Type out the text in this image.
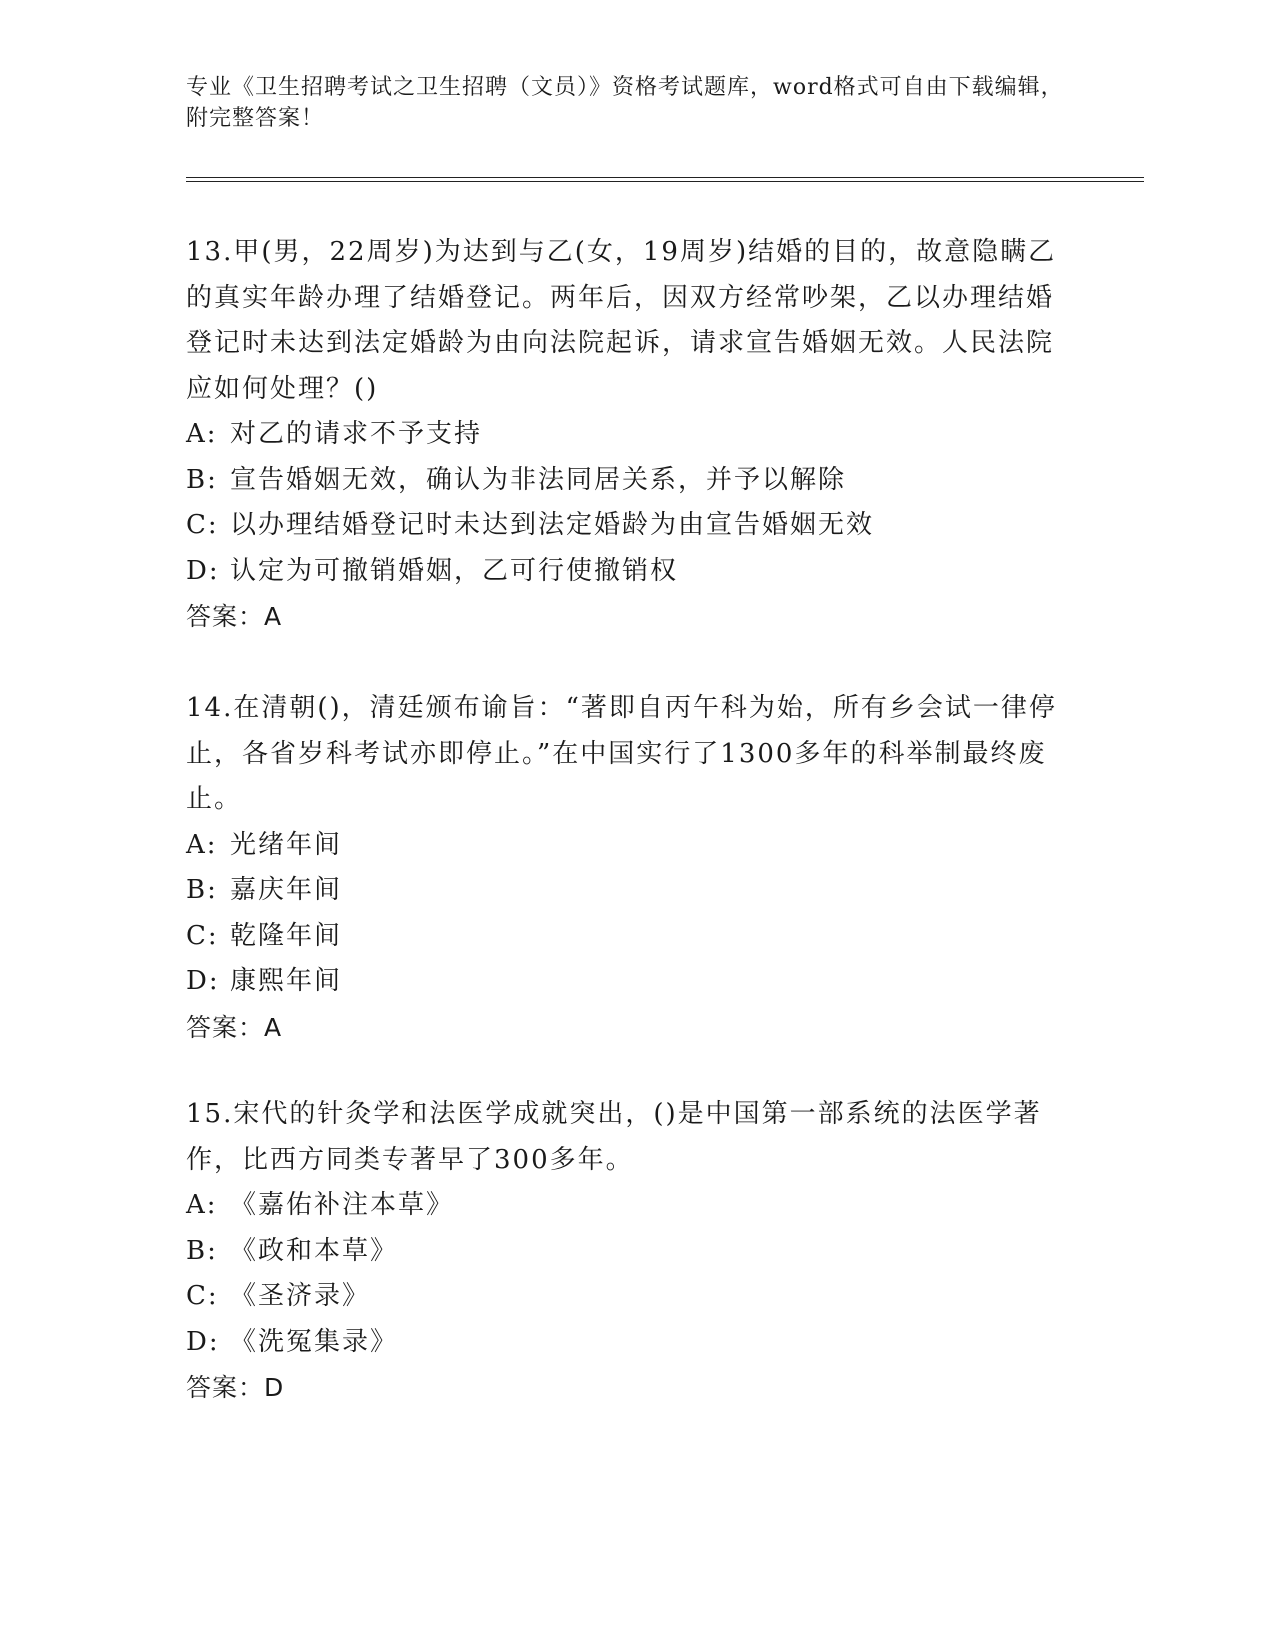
专业《卫生招聘考试之卫生招聘（文员）》资格考试题库，word格式可自由下载编辑，附完整答案！

13.甲(男，22周岁)为达到与乙(女，19周岁)结婚的目的，故意隐瞒乙的真实年龄办理了结婚登记。两年后，因双方经常吵架，乙以办理结婚登记时未达到法定婚龄为由向法院起诉，请求宣告婚姻无效。人民法院应如何处理？()

A: 对乙的请求不予支持

B: 宣告婚姻无效，确认为非法同居关系，并予以解除

C: 以办理结婚登记时未达到法定婚龄为由宣告婚姻无效

D: 认定为可撤销婚姻，乙可行使撤销权

答案：A

14.在清朝()，清廷颁布谕旨：“著即自丙午科为始，所有乡会试一律停止，各省岁科考试亦即停止。”在中国实行了1300多年的科举制最终废止。

A: 光绪年间

B: 嘉庆年间

C: 乾隆年间

D: 康熙年间

答案：A

15.宋代的针灸学和法医学成就突出，()是中国第一部系统的法医学著作，比西方同类专著早了300多年。

A: 《嘉佑补注本草》

B: 《政和本草》

C: 《圣济录》

D: 《洗冤集录》

答案：D
